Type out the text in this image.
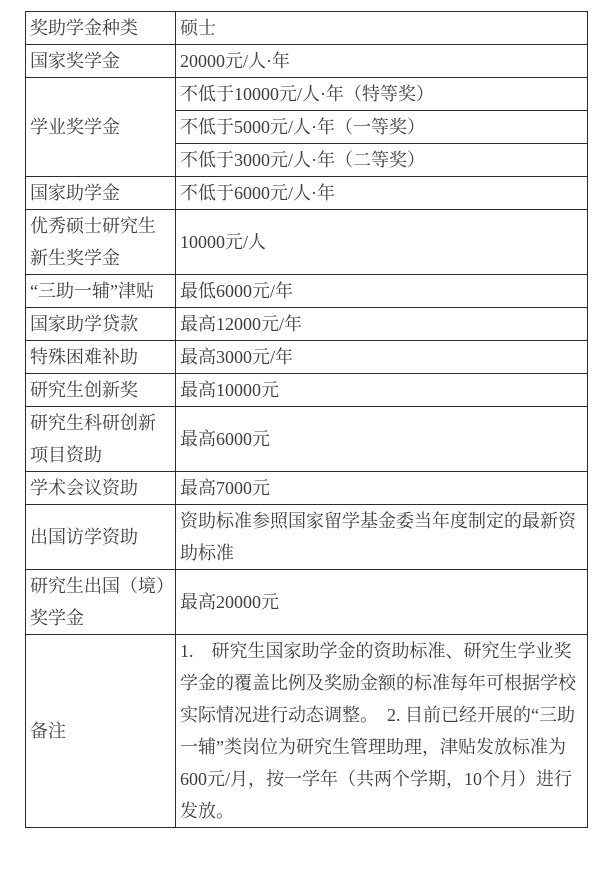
奖助学金种类	硕士
国家奖学金	20000元/人·年
学业奖学金	不低于10000元/人·年（特等奖）
	不低于5000元/人·年（一等奖）
	不低于3000元/人·年（二等奖）
国家助学金	不低于6000元/人·年
优秀硕士研究生新生奖学金	10000元/人
“三助一辅”津贴	最低6000元/年
国家助学贷款	最高12000元/年
特殊困难补助	最高3000元/年
研究生创新奖	最高10000元
研究生科研创新项目资助	最高6000元
学术会议资助	最高7000元
出国访学资助	资助标准参照国家留学基金委当年度制定的最新资助标准
研究生出国（境）奖学金	最高20000元
备注	1.　研究生国家助学金的资助标准、研究生学业奖学金的覆盖比例及奖励金额的标准每年可根据学校实际情况进行动态调整。　2. 目前已经开展的“三助一辅”类岗位为研究生管理助理，津贴发放标准为600元/月，按一学年（共两个学期，10个月）进行发放。
